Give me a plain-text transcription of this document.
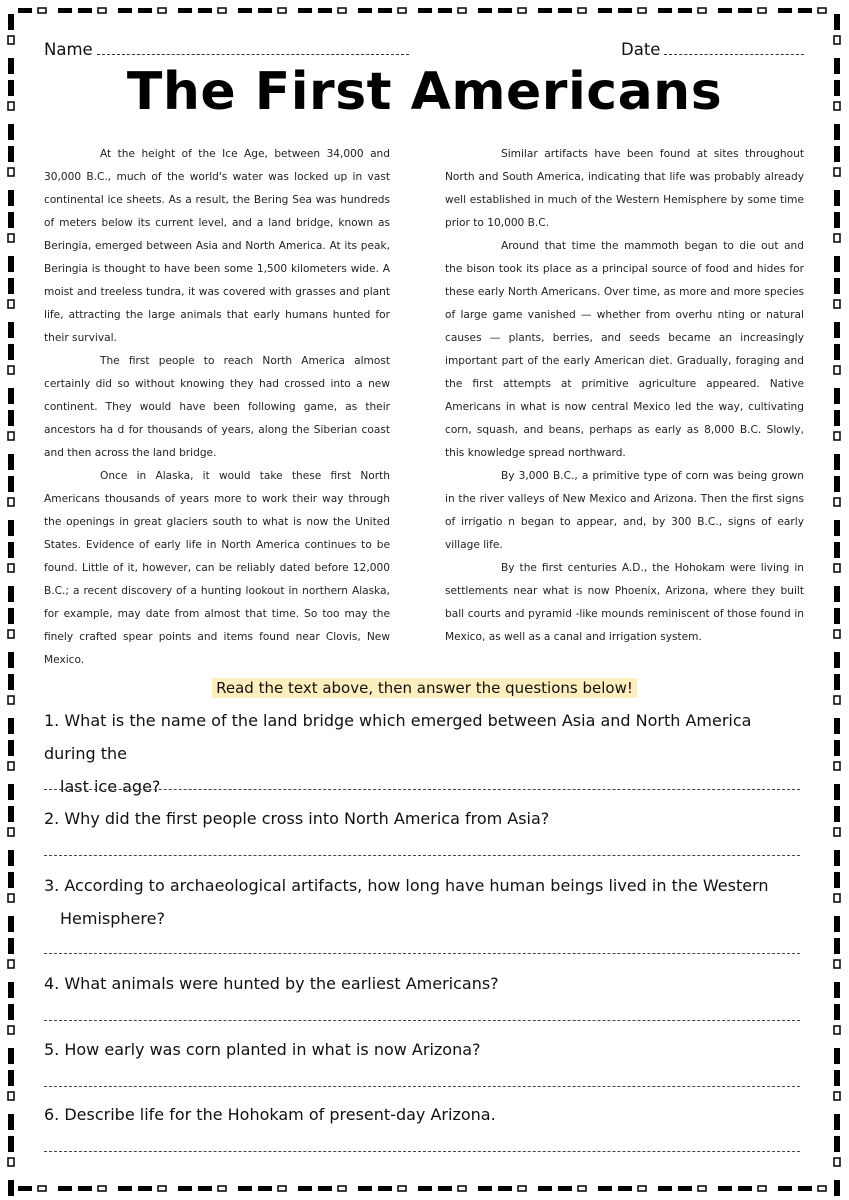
Name	Date
The First Americans

At the height of the Ice Age, between 34,000 and 30,000 B.C., much of the world's water was locked up in vast continental ice sheets. As a result, the Bering Sea was hundreds of meters below its current level, and a land bridge, known as Beringia, emerged between Asia and North America. At its peak, Beringia is thought to have been some 1,500 kilometers wide. A moist and treeless tundra, it was covered with grasses and plant life, attracting the large animals that early humans hunted for their survival.

The first people to reach North America almost certainly did so without knowing they had crossed into a new continent. They would have been following game, as their ancestors ha d for thousands of years, along the Siberian coast and then across the land bridge.

Once in Alaska, it would take these first North Americans thousands of years more to work their way through the openings in great glaciers south to what is now the United States. Evidence of early life in North America continues to be found. Little of it, however, can be reliably dated before 12,000 B.C.; a recent discovery of a hunting lookout in northern Alaska, for example, may date from almost that time. So too may the finely crafted spear points and items found near Clovis, New Mexico.

Similar artifacts have been found at sites throughout North and South America, indicating that life was probably already well established in much of the Western Hemisphere by some time prior to 10,000 B.C.

Around that time the mammoth began to die out and the bison took its place as a principal source of food and hides for these early North Americans. Over time, as more and more species of large game vanished — whether from overhu nting or natural causes — plants, berries, and seeds became an increasingly important part of the early American diet. Gradually, foraging and the first attempts at primitive agriculture appeared. Native Americans in what is now central Mexico led the way, cultivating corn, squash, and beans, perhaps as early as 8,000 B.C. Slowly, this knowledge spread northward.

By 3,000 B.C., a primitive type of corn was being grown in the river valleys of New Mexico and Arizona. Then the first signs of irrigatio n began to appear, and, by 300 B.C., signs of early village life.

By the first centuries A.D., the Hohokam were living in settlements near what is now Phoenix, Arizona, where they built ball courts and pyramid -like mounds reminiscent of those found in Mexico, as well as a canal and irrigation system.

Read the text above, then answer the questions below!
1. What is the name of the land bridge which emerged between Asia and North America during the
last ice age?
2. Why did the first people cross into North America from Asia?
3. According to archaeological artifacts, how long have human beings lived in the Western
Hemisphere?
4. What animals were hunted by the earliest Americans?
5. How early was corn planted in what is now Arizona?
6. Describe life for the Hohokam of present-day Arizona.
